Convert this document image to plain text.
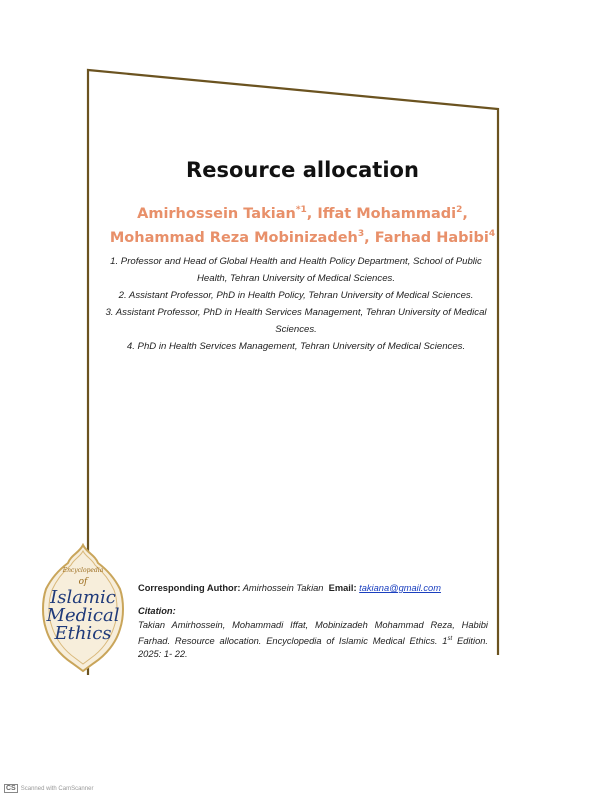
Resource allocation
Amirhossein Takian$^{*1}$, Iffat Mohammadi$^2$,
Mohammad Reza Mobinizadeh$^3$, Farhad Habibi$^4$

1. Professor and Head of Global Health and Health Policy Department, School of Public Health, Tehran University of Medical Sciences.

2. Assistant Professor, PhD in Health Policy, Tehran University of Medical Sciences.

3. Assistant Professor, PhD in Health Services Management, Tehran University of Medical Sciences.

4. PhD in Health Services Management, Tehran University of Medical Sciences.

Encyclopedia
of
Islamic
Medical
Ethics
Corresponding Author: Amirhossein Takian Email: takiana@gmail.com
Citation:
Takian Amirhossein, Mohammadi Iffat, Mobinizadeh Mohammad Reza, Habibi Farhad. Resource allocation. Encyclopedia of Islamic Medical Ethics. 1st Edition. 2025: 1- 22.
CS Scanned with CamScanner
